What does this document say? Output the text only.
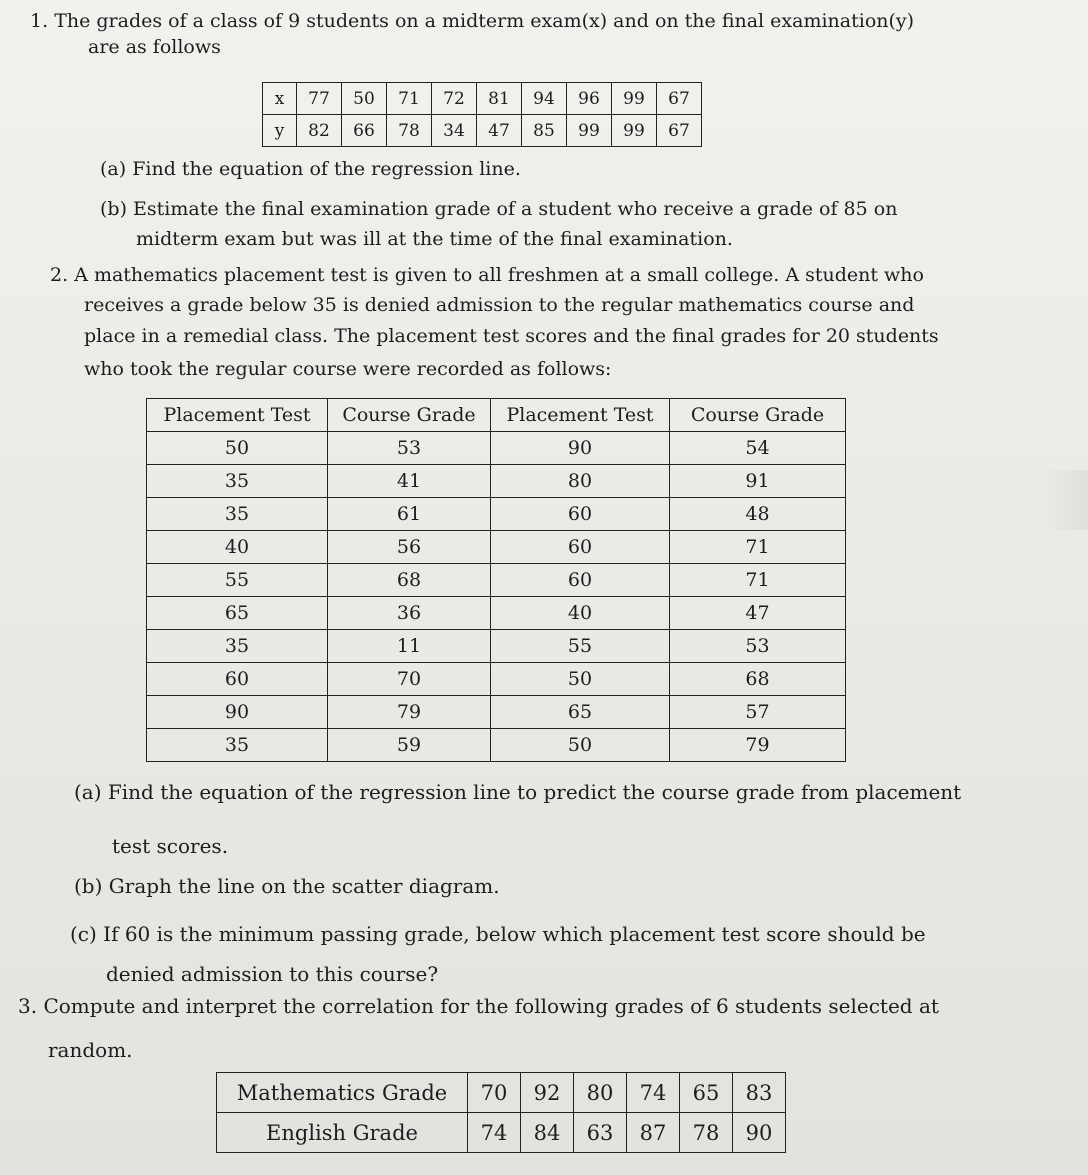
1. The grades of a class of 9 students on a midterm exam(x) and on the final examination(y)
are as follows
x	77	50	71	72	81	94	96	99	67
y	82	66	78	34	47	85	99	99	67
(a) Find the equation of the regression line.
(b) Estimate the final examination grade of a student who receive a grade of 85 on
midterm exam but was ill at the time of the final examination.
2. A mathematics placement test is given to all freshmen at a small college. A student who
receives a grade below 35 is denied admission to the regular mathematics course and
place in a remedial class. The placement test scores and the final grades for 20 students
who took the regular course were recorded as follows:
Placement Test	Course Grade	Placement Test	Course Grade
50	53	90	54
35	41	80	91
35	61	60	48
40	56	60	71
55	68	60	71
65	36	40	47
35	11	55	53
60	70	50	68
90	79	65	57
35	59	50	79
(a) Find the equation of the regression line to predict the course grade from placement
test scores.
(b) Graph the line on the scatter diagram.
(c) If 60 is the minimum passing grade, below which placement test score should be
denied admission to this course?
3. Compute and interpret the correlation for the following grades of 6 students selected at
random.
Mathematics Grade	70	92	80	74	65	83
English Grade	74	84	63	87	78	90
